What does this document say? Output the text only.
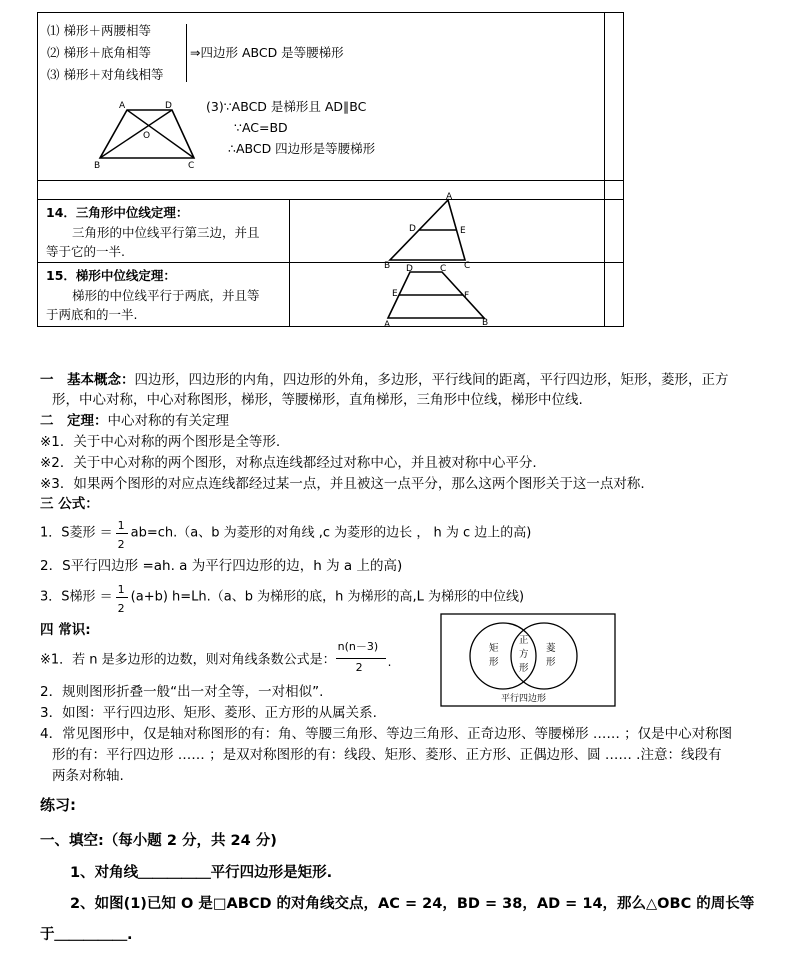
⑴ 梯形＋两腰相等
⑵ 梯形＋底角相等
⑶ 梯形＋对角线相等
⇒四边形 ABCD 是等腰梯形
A	D
O
B	C
(3)∵ABCD 是梯形且 AD∥BC
∵AC=BD
∴ABCD 四边形是等腰梯形
14．三角形中位线定理：
三角形的中位线平行第三边，并且
等于它的一半.
A
D	E
B	C
15．梯形中位线定理：
梯形的中位线平行于两底，并且等
于两底和的一半.
D	C
E	F
A	B
一　基本概念：四边形，四边形的内角，四边形的外角，多边形，平行线间的距离，平行四边形，矩形，菱形，正方
形，中心对称，中心对称图形，梯形，等腰梯形，直角梯形，三角形中位线，梯形中位线.
二　定理：中心对称的有关定理
※1．关于中心对称的两个图形是全等形.
※2．关于中心对称的两个图形，对称点连线都经过对称中心，并且被对称中心平分.
※3．如果两个图形的对应点连线都经过某一点，并且被这一点平分，那么这两个图形关于这一点对称.
三 公式：
1．S菱形 ＝ $\frac{1}{2} ab=ch.(a$、b 为菱形的对角线 ,c 为菱形的边长 ， h 为 c 边上的高)
2．S平行四边形 =ah. a 为平行四边形的边，h 为 a 上的高)
3．S梯形 ＝ $\frac{1}{2} (a+b)$ h=Lh.（a、b 为梯形的底，h 为梯形的高,L 为梯形的中位线)
四 常识:
※1．若 n 是多边形的边数，则对角线条数公式是：
n(n－3)
2 .
2．规则图形折叠一般“出一对全等，一对相似”.
3．如图：平行四边形、矩形、菱形、正方形的从属关系.
4．常见图形中，仅是轴对称图形的有：角、等腰三角形、等边三角形、正奇边形、等腰梯形 …… ；仅是中心对称图
形的有：平行四边形 …… ；是双对称图形的有：线段、矩形、菱形、正方形、正偶边形、圆 …… .注意：线段有
两条对称轴.
矩形
正方形
菱形
平行四边形
练习:
一、填空:（每小题 2 分，共 24 分)
1、对角线＿＿＿＿＿平行四边形是矩形.
2、如图(1)已知 O 是□ABCD 的对角线交点，AC = 24，BD = 38，AD = 14，那么△OBC 的周长等
于＿＿＿＿＿.
